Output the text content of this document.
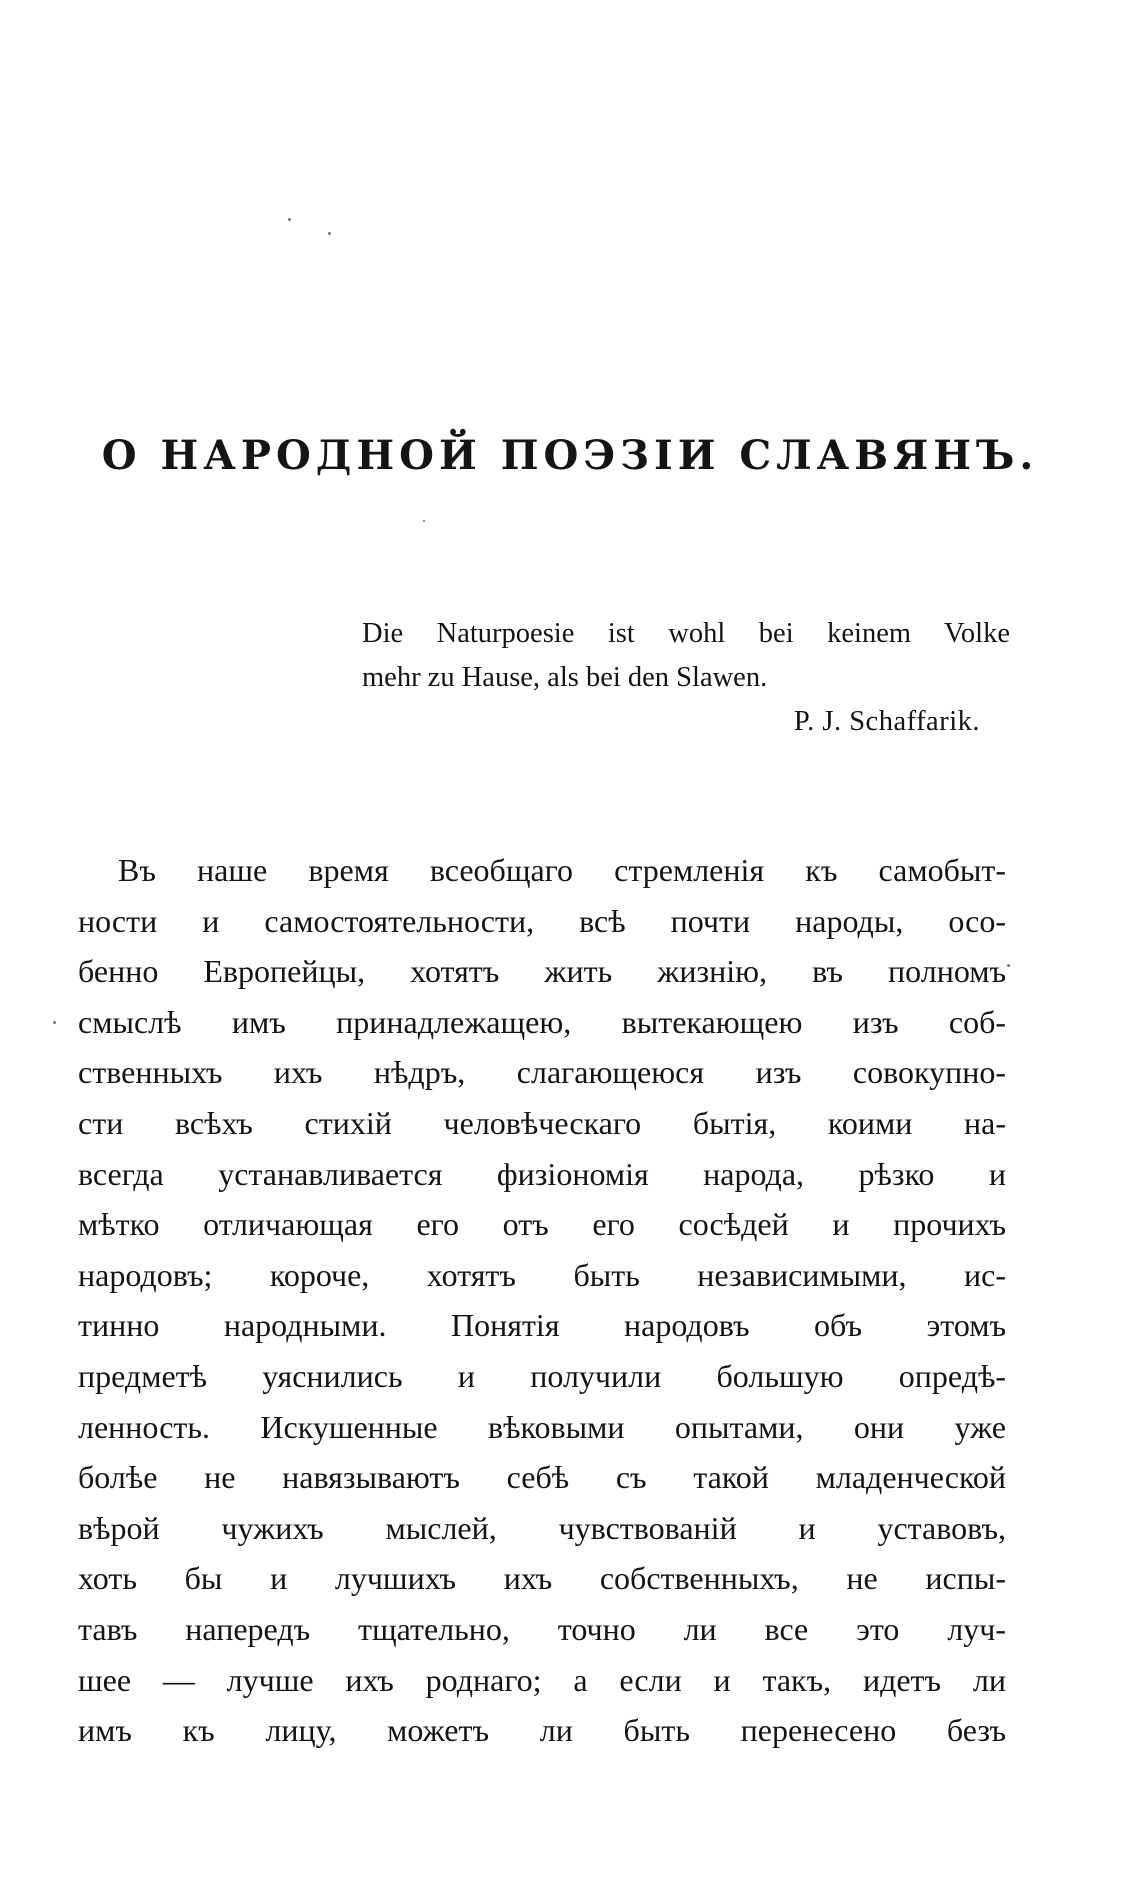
О НАРОДНОЙ ПОЭЗІИ СЛАВЯНЪ.
Die Naturpoesie ist wohl bei keinem Volke
mehr zu Hause, als bei den Slawen.
P. J. Schaffarik.
Въ наше время всеобщаго стремленія къ самобыт-
ности и самостоятельности, всѣ почти народы, осо-
бенно Европейцы, хотятъ жить жизнію, въ полномъ
смыслѣ имъ принадлежащею, вытекающею изъ соб-
ственныхъ ихъ нѣдръ, слагающеюся изъ совокупно-
сти всѣхъ стихій человѣческаго бытія, коими на-
всегда устанавливается физіономія народа, рѣзко и
мѣтко отличающая его отъ его сосѣдей и прочихъ
народовъ; короче, хотятъ быть независимыми, ис-
тинно народными. Понятія народовъ объ этомъ
предметѣ уяснились и получили большую опредѣ-
ленность. Искушенные вѣковыми опытами, они уже
болѣе не навязываютъ себѣ съ такой младенческой
вѣрой чужихъ мыслей, чувствованій и уставовъ,
хоть бы и лучшихъ ихъ собственныхъ, не испы-
тавъ напередъ тщательно, точно ли все это луч-
шее — лучше ихъ роднаго; а если и такъ, идетъ ли
имъ къ лицу, можетъ ли быть перенесено безъ
